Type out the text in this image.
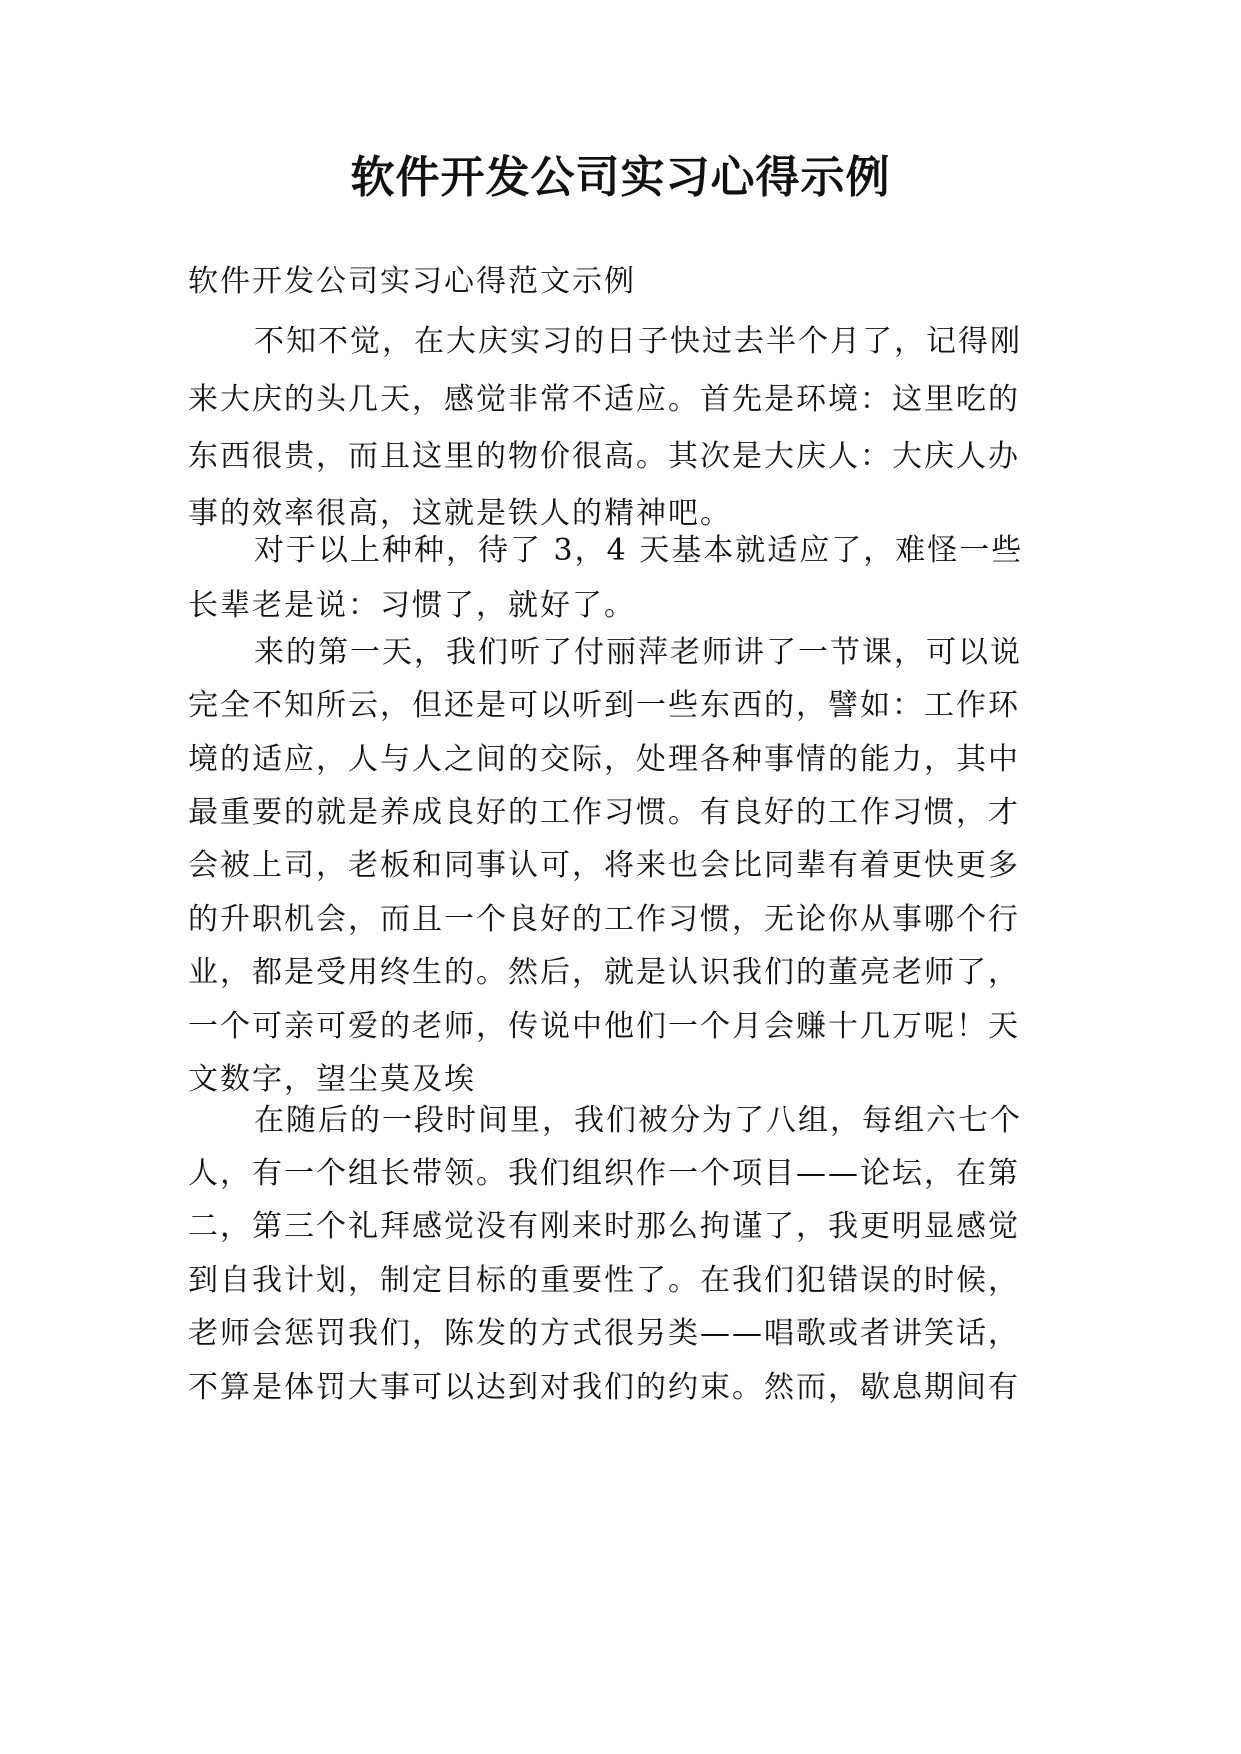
软件开发公司实习心得示例

软件开发公司实习心得范文示例

不知不觉，在大庆实习的日子快过去半个月了，记得刚

来大庆的头几天，感觉非常不适应。首先是环境：这里吃的

东西很贵，而且这里的物价很高。其次是大庆人：大庆人办

事的效率很高，这就是铁人的精神吧。

对于以上种种，待了 3，4 天基本就适应了，难怪一些

长辈老是说：习惯了，就好了。

来的第一天，我们听了付丽萍老师讲了一节课，可以说

完全不知所云，但还是可以听到一些东西的，譬如：工作环

境的适应，人与人之间的交际，处理各种事情的能力，其中

最重要的就是养成良好的工作习惯。有良好的工作习惯，才

会被上司，老板和同事认可，将来也会比同辈有着更快更多

的升职机会，而且一个良好的工作习惯，无论你从事哪个行

业，都是受用终生的。然后，就是认识我们的董亮老师了，

一个可亲可爱的老师，传说中他们一个月会赚十几万呢！天

文数字，望尘莫及埃

在随后的一段时间里，我们被分为了八组，每组六七个

人，有一个组长带领。我们组织作一个项目——论坛，在第

二，第三个礼拜感觉没有刚来时那么拘谨了，我更明显感觉

到自我计划，制定目标的重要性了。在我们犯错误的时候，

老师会惩罚我们，陈发的方式很另类——唱歌或者讲笑话，

不算是体罚大事可以达到对我们的约束。然而，歇息期间有
